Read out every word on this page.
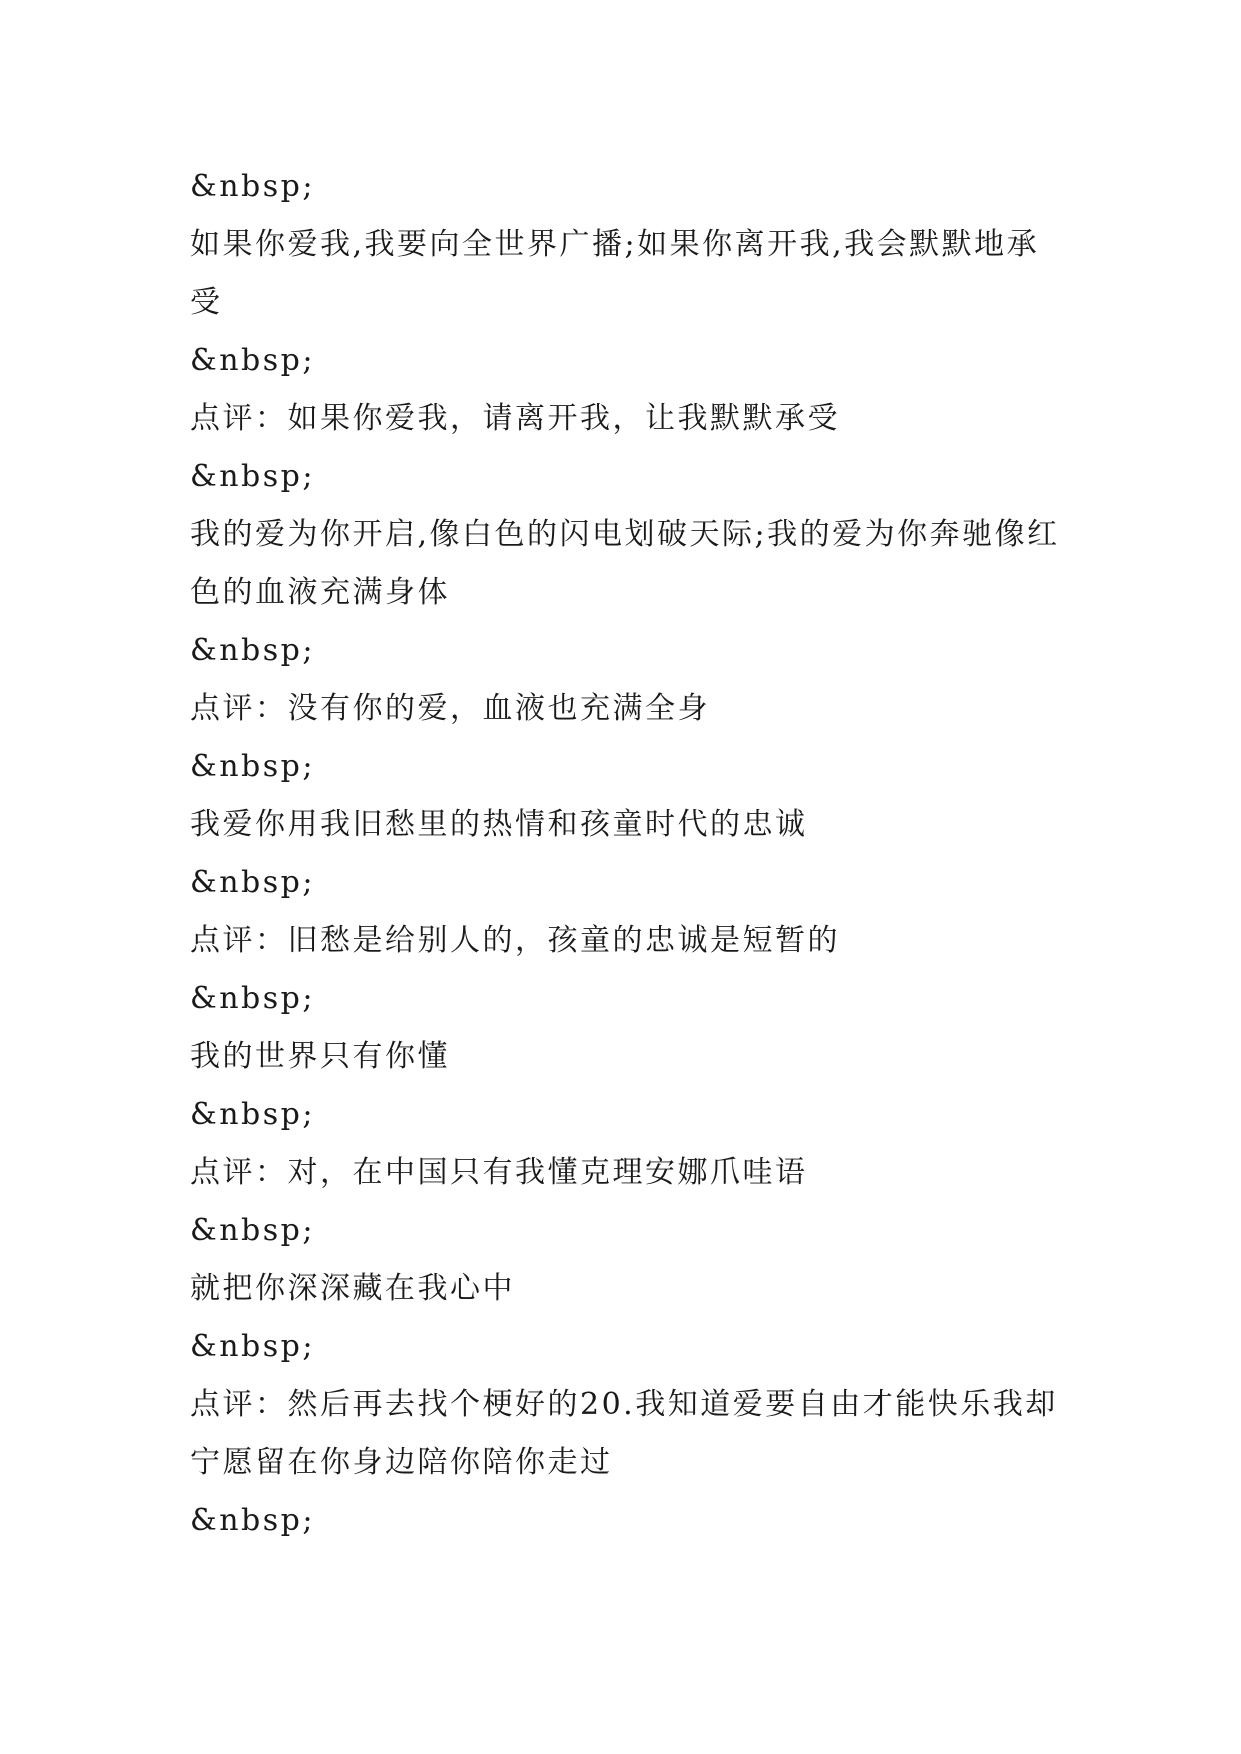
&nbsp;

如果你爱我,我要向全世界广播;如果你离开我,我会默默地承受

&nbsp;

点评：如果你爱我，请离开我，让我默默承受

&nbsp;

我的爱为你开启,像白色的闪电划破天际;我的爱为你奔驰像红色的血液充满身体

&nbsp;

点评：没有你的爱，血液也充满全身

&nbsp;

我爱你用我旧愁里的热情和孩童时代的忠诚

&nbsp;

点评：旧愁是给别人的，孩童的忠诚是短暂的

&nbsp;

我的世界只有你懂

&nbsp;

点评：对，在中国只有我懂克理安娜爪哇语

&nbsp;

就把你深深藏在我心中

&nbsp;

点评：然后再去找个梗好的20.我知道爱要自由才能快乐我却宁愿留在你身边陪你陪你走过

&nbsp;
